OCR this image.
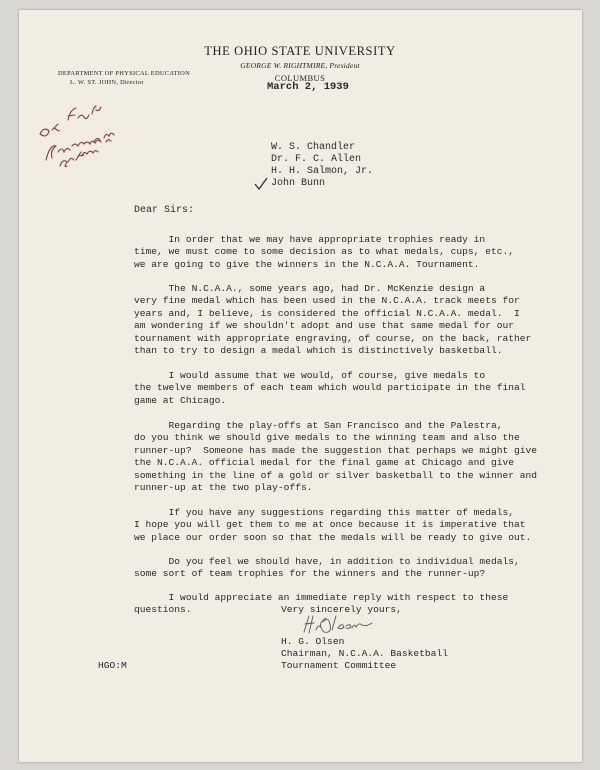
THE OHIO STATE UNIVERSITY
GEORGE W. RIGHTMIRE, President
COLUMBUS
DEPARTMENT OF PHYSICAL EDUCATION
L. W. ST. JOHN, Director	March 2, 1939
W. S. Chandler
Dr. F. C. Allen
H. H. Salmon, Jr.
John Bunn
Dear Sirs:
In order that we may have appropriate trophies ready in
time, we must come to some decision as to what medals, cups, etc.,
we are going to give the winners in the N.C.A.A. Tournament.
The N.C.A.A., some years ago, had Dr. McKenzie design a
very fine medal which has been used in the N.C.A.A. track meets for
years and, I believe, is considered the official N.C.A.A. medal.  I
am wondering if we shouldn't adopt and use that same medal for our
tournament with appropriate engraving, of course, on the back, rather
than to try to design a medal which is distinctively basketball.
I would assume that we would, of course, give medals to
the twelve members of each team which would participate in the final
game at Chicago.
Regarding the play-offs at San Francisco and the Palestra,
do you think we should give medals to the winning team and also the
runner-up?  Someone has made the suggestion that perhaps we might give
the N.C.A.A. official medal for the final game at Chicago and give
something in the line of a gold or silver basketball to the winner and
runner-up at the two play-offs.
If you have any suggestions regarding this matter of medals,
I hope you will get them to me at once because it is imperative that
we place our order soon so that the medals will be ready to give out.
Do you feel we should have, in addition to individual medals,
some sort of team trophies for the winners and the runner-up?
I would appreciate an immediate reply with respect to these
questions.	Very sincerely yours,
H. G. Olsen
Chairman, N.C.A.A. Basketball
Tournament Committee
HGO:M
